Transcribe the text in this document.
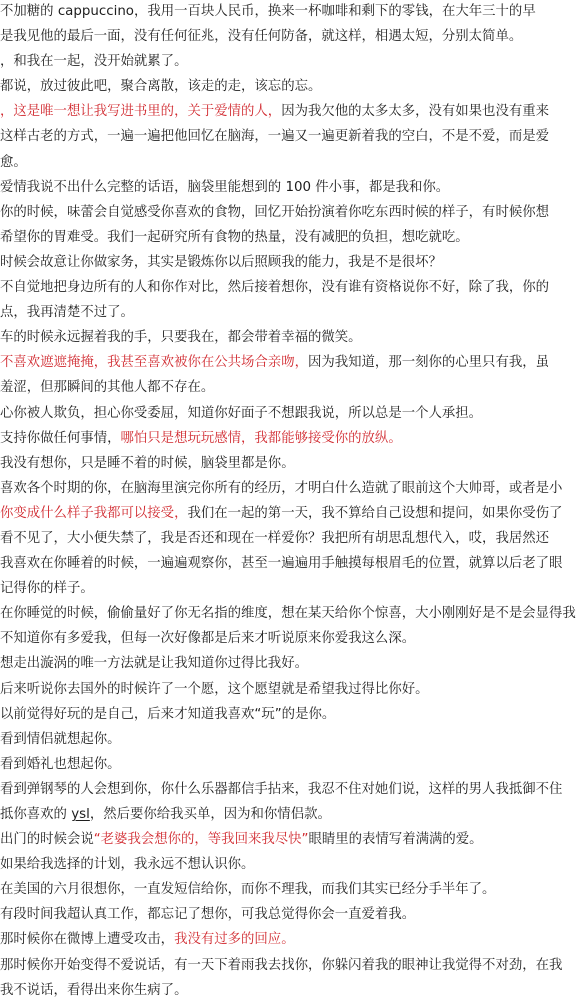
不加糖的 cappuccino，我用一百块人民币，换来一杯咖啡和剩下的零钱，在大年三十的早
是我见他的最后一面，没有任何征兆，没有任何防备，就这样，相遇太短，分别太简单。
，和我在一起，没开始就累了。
都说，放过彼此吧，聚合离散，该走的走，该忘的忘。
，这是唯一想让我写进书里的，关于爱情的人，因为我欠他的太多太多，没有如果也没有重来
这样古老的方式，一遍一遍把他回忆在脑海，一遍又一遍更新着我的空白，不是不爱，而是爱
愈。
爱情我说不出什么完整的话语，脑袋里能想到的 100 件小事，都是我和你。
你的时候，味蕾会自觉感受你喜欢的食物，回忆开始扮演着你吃东西时候的样子，有时候你想
希望你的胃难受。我们一起研究所有食物的热量，没有减肥的负担，想吃就吃。
时候会故意让你做家务，其实是锻炼你以后照顾我的能力，我是不是很坏？
不自觉地把身边所有的人和你作对比，然后接着想你，没有谁有资格说你不好，除了我，你的
点，我再清楚不过了。
车的时候永远握着我的手，只要我在，都会带着幸福的微笑。
不喜欢遮遮掩掩，我甚至喜欢被你在公共场合亲吻，因为我知道，那一刻你的心里只有我，虽
羞涩，但那瞬间的其他人都不存在。
心你被人欺负，担心你受委屈，知道你好面子不想跟我说，所以总是一个人承担。
支持你做任何事情，哪怕只是想玩玩感情，我都能够接受你的放纵。
我没有想你，只是睡不着的时候，脑袋里都是你。
喜欢各个时期的你，在脑海里演完你所有的经历，才明白什么造就了眼前这个大帅哥，或者是小
你变成什么样子我都可以接受，我们在一起的第一天，我不算给自己设想和提问，如果你受伤了
看不见了，大小便失禁了，我是否还和现在一样爱你？我把所有胡思乱想代入，哎，我居然还
我喜欢在你睡着的时候，一遍遍观察你，甚至一遍遍用手触摸每根眉毛的位置，就算以后老了眼
记得你的样子。
在你睡觉的时候，偷偷量好了你无名指的维度，想在某天给你个惊喜，大小刚刚好是不是会显得我
不知道你有多爱我，但每一次好像都是后来才听说原来你爱我这么深。
想走出漩涡的唯一方法就是让我知道你过得比我好。
后来听说你去国外的时候许了一个愿，这个愿望就是希望我过得比你好。
以前觉得好玩的是自己，后来才知道我喜欢“玩”的是你。
看到情侣就想起你。
看到婚礼也想起你。
看到弹钢琴的人会想到你，你什么乐器都信手拈来，我忍不住对她们说，这样的男人我抵御不住
抵你喜欢的 ysl，然后要你给我买单，因为和你情侣款。
出门的时候会说“老婆我会想你的，等我回来我尽快”眼睛里的表情写着满满的爱。
如果给我选择的计划，我永远不想认识你。
在美国的六月很想你，一直发短信给你，而你不理我，而我们其实已经分手半年了。
有段时间我超认真工作，都忘记了想你，可我总觉得你会一直爱着我。
那时候你在微博上遭受攻击，我没有过多的回应。
那时候你开始变得不爱说话，有一天下着雨我去找你，你躲闪着我的眼神让我觉得不对劲，在我
我不说话，看得出来你生病了。
